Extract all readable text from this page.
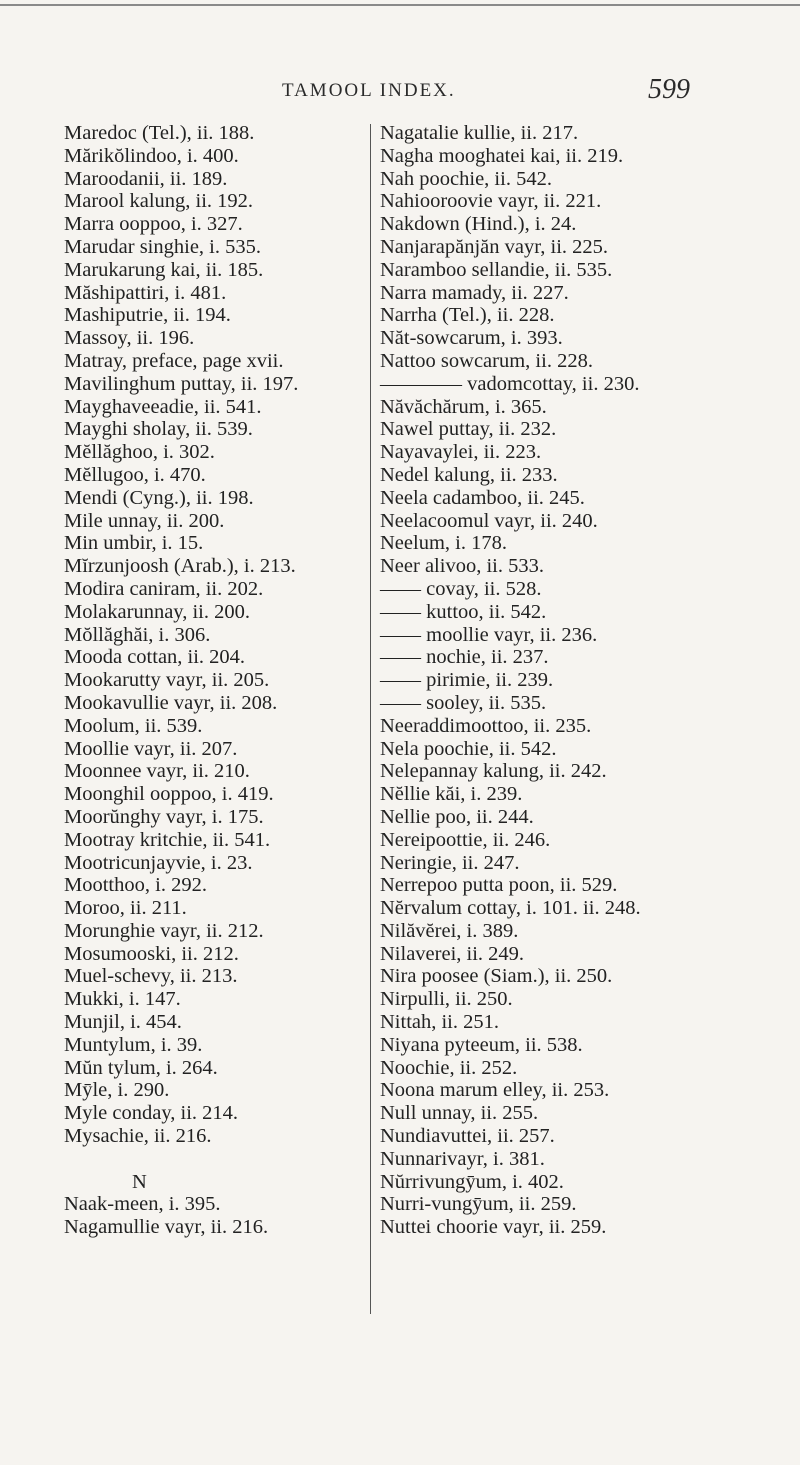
TAMOOL INDEX.	599
Maredoc (Tel.), ii. 188.
Mărikŏlindoo, i. 400.
Maroodanii, ii. 189.
Marool kalung, ii. 192.
Marra ooppoo, i. 327.
Marudar singhie, i. 535.
Marukarung kai, ii. 185.
Măshipattiri, i. 481.
Mashiputrie, ii. 194.
Massoy, ii. 196.
Matray, preface, page xvii.
Mavilinghum puttay, ii. 197.
Mayghaveeadie, ii. 541.
Mayghi sholay, ii. 539.
Mĕllăghoo, i. 302.
Mĕllugoo, i. 470.
Mendi (Cyng.), ii. 198.
Mile unnay, ii. 200.
Min umbir, i. 15.
Mĭrzunjoosh (Arab.), i. 213.
Modira caniram, ii. 202.
Molakarunnay, ii. 200.
Mŏllăghăi, i. 306.
Mooda cottan, ii. 204.
Mookarutty vayr, ii. 205.
Mookavullie vayr, ii. 208.
Moolum, ii. 539.
Moollie vayr, ii. 207.
Moonnee vayr, ii. 210.
Moonghil ooppoo, i. 419.
Moorŭnghy vayr, i. 175.
Mootray kritchie, ii. 541.
Mootricunjayvie, i. 23.
Mootthoo, i. 292.
Moroo, ii. 211.
Morunghie vayr, ii. 212.
Mosumooski, ii. 212.
Muel-schevy, ii. 213.
Mukki, i. 147.
Munjil, i. 454.
Muntylum, i. 39.
Mŭn tylum, i. 264.
Mȳle, i. 290.
Myle conday, ii. 214.
Mysachie, ii. 216.
N
Naak-meen, i. 395.
Nagamullie vayr, ii. 216.
Nagatalie kullie, ii. 217.
Nagha mooghatei kai, ii. 219.
Nah poochie, ii. 542.
Nahiooroovie vayr, ii. 221.
Nakdown (Hind.), i. 24.
Nanjarapănjăn vayr, ii. 225.
Naramboo sellandie, ii. 535.
Narra mamady, ii. 227.
Narrha (Tel.), ii. 228.
Năt-sowcarum, i. 393.
Nattoo sowcarum, ii. 228.
———— vadomcottay, ii. 230.
Năvăchărum, i. 365.
Nawel puttay, ii. 232.
Nayavaylei, ii. 223.
Nedel kalung, ii. 233.
Neela cadamboo, ii. 245.
Neelacoomul vayr, ii. 240.
Neelum, i. 178.
Neer alivoo, ii. 533.
—— covay, ii. 528.
—— kuttoo, ii. 542.
—— moollie vayr, ii. 236.
—— nochie, ii. 237.
—— pirimie, ii. 239.
—— sooley, ii. 535.
Neeraddimoottoo, ii. 235.
Nela poochie, ii. 542.
Nelepannay kalung, ii. 242.
Nĕllie kăi, i. 239.
Nellie poo, ii. 244.
Nereipoottie, ii. 246.
Neringie, ii. 247.
Nerrepoo putta poon, ii. 529.
Nĕrvalum cottay, i. 101. ii. 248.
Nilăvĕrei, i. 389.
Nilaverei, ii. 249.
Nira poosee (Siam.), ii. 250.
Nirpulli, ii. 250.
Nittah, ii. 251.
Niyana pyteeum, ii. 538.
Noochie, ii. 252.
Noona marum elley, ii. 253.
Null unnay, ii. 255.
Nundiavuttei, ii. 257.
Nunnarivayr, i. 381.
Nŭrrivungȳum, i. 402.
Nurri-vungȳum, ii. 259.
Nuttei choorie vayr, ii. 259.
